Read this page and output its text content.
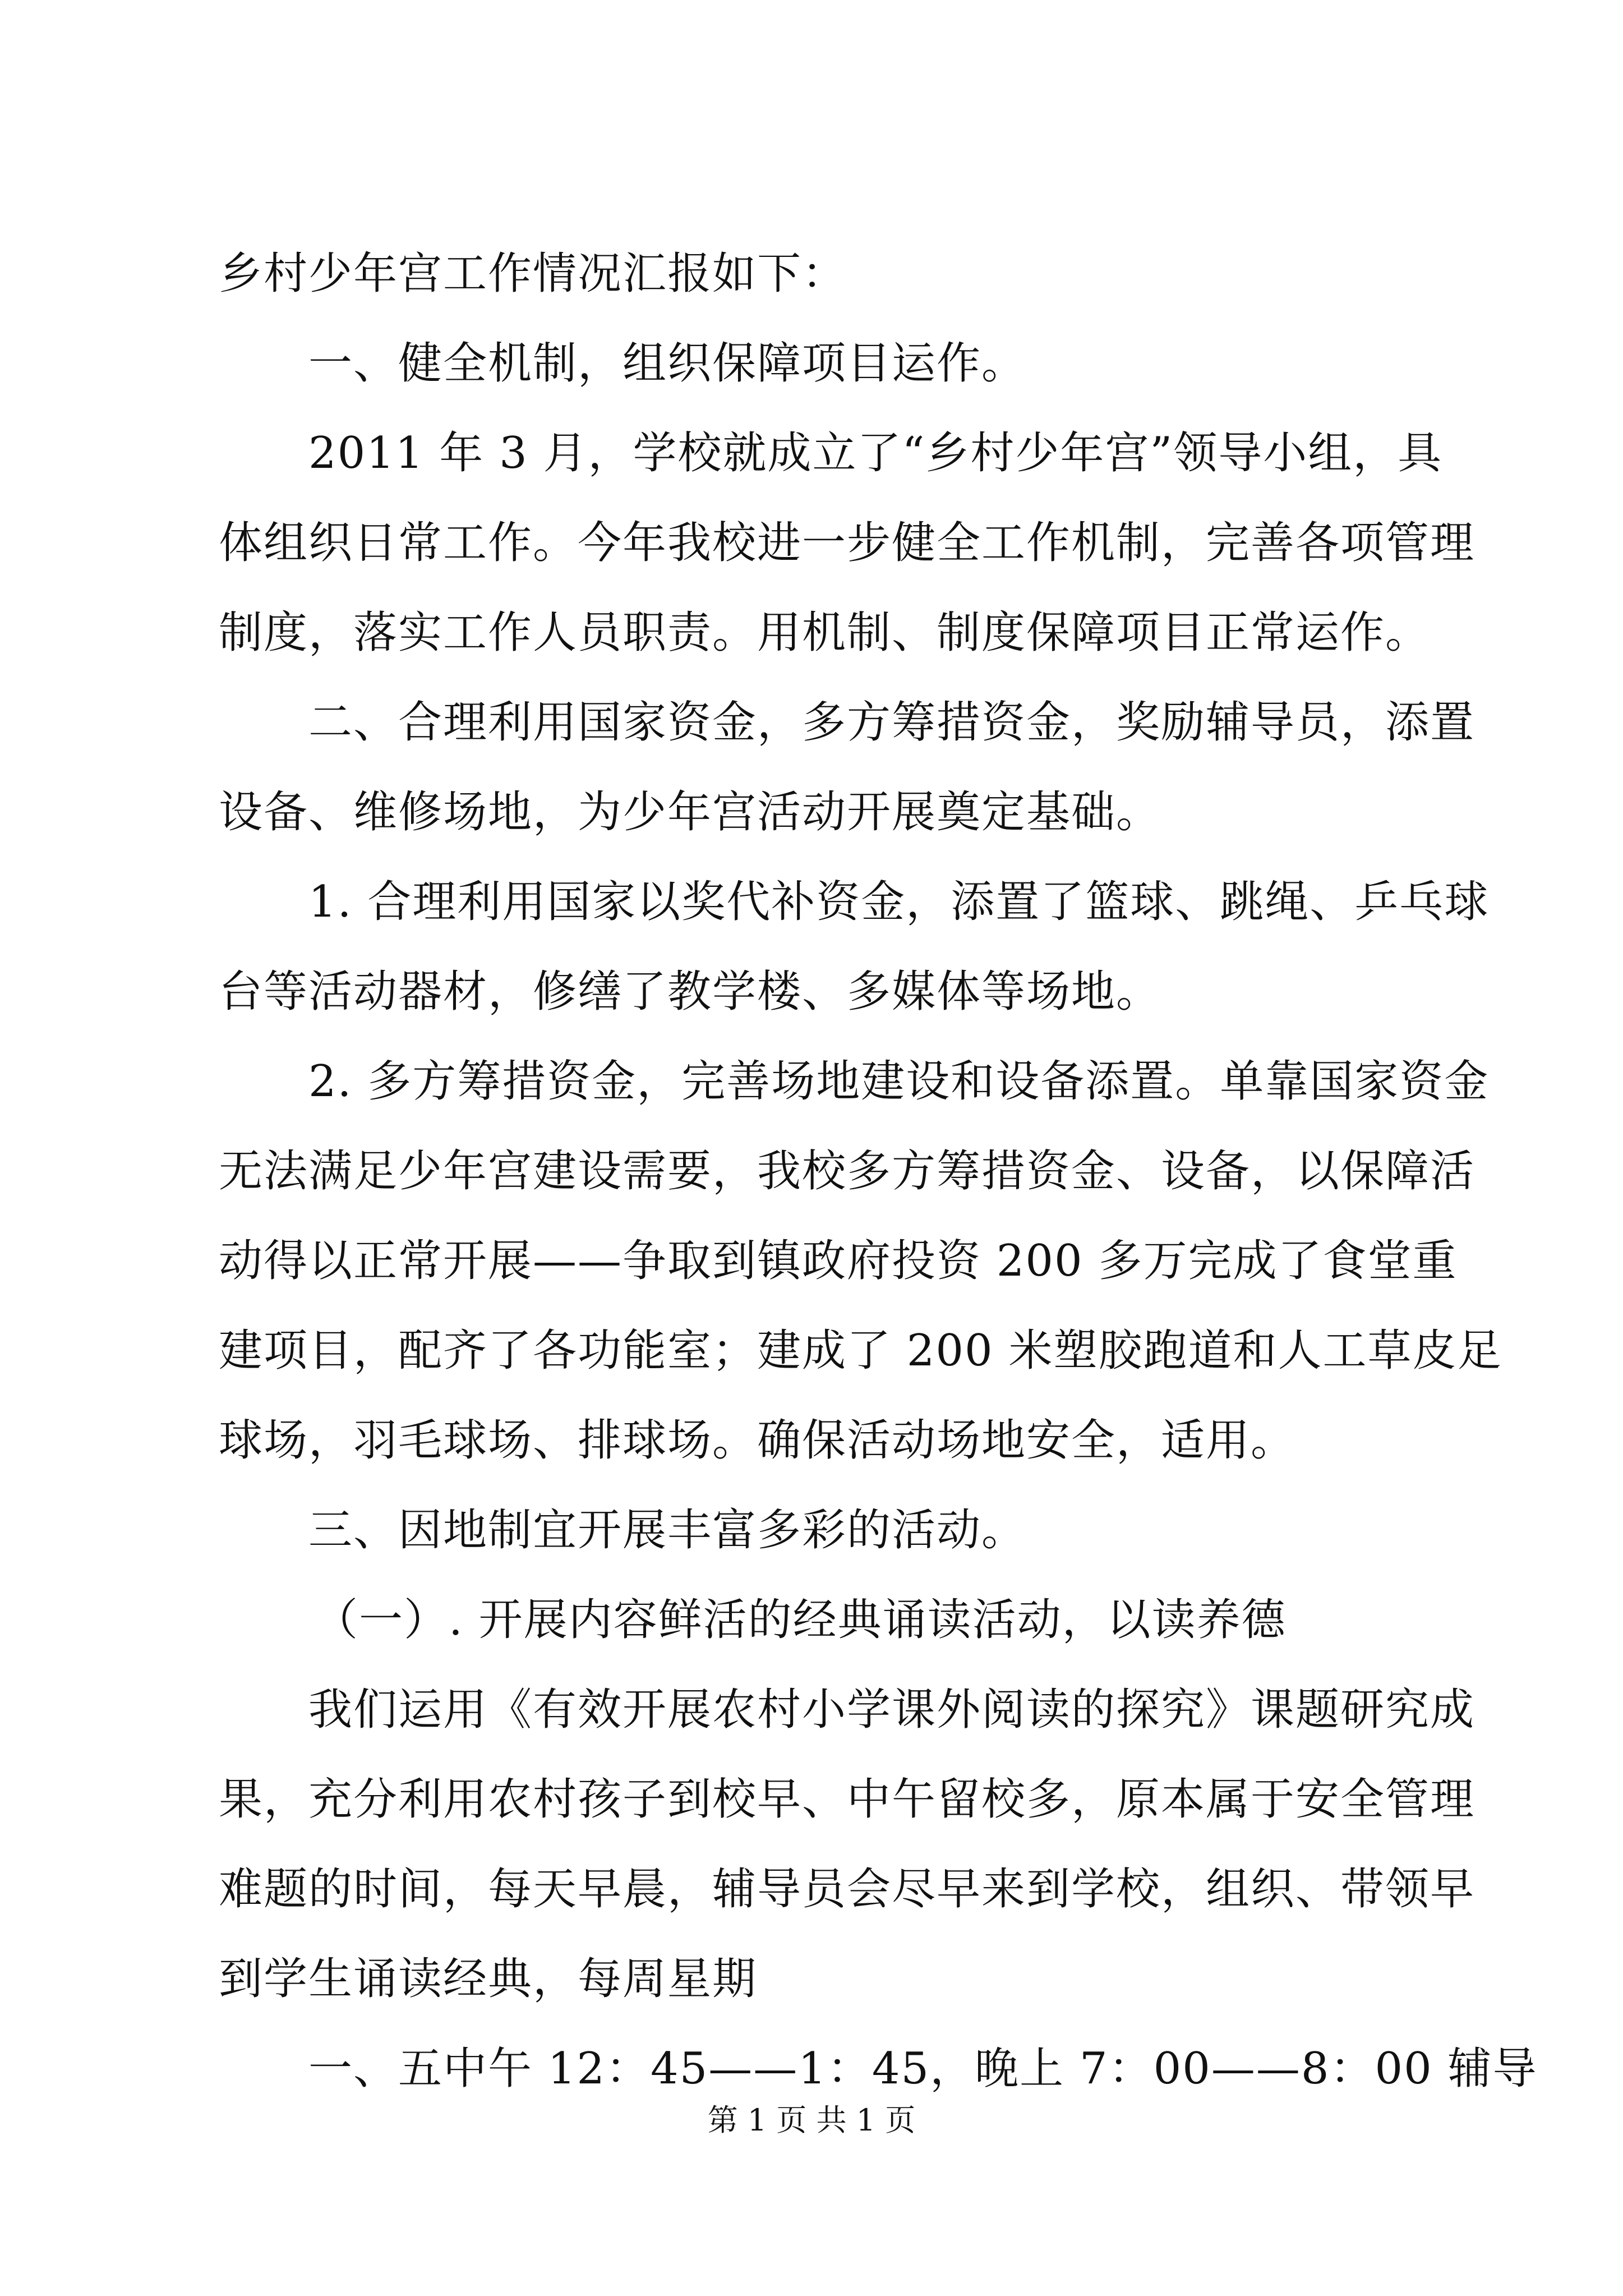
乡村少年宫工作情况汇报如下：
一、健全机制，组织保障项目运作。
2011 年 3 月，学校就成立了“乡村少年宫”领导小组，具
体组织日常工作。今年我校进一步健全工作机制，完善各项管理
制度，落实工作人员职责。用机制、制度保障项目正常运作。
二、合理利用国家资金，多方筹措资金，奖励辅导员，添置
设备、维修场地，为少年宫活动开展奠定基础。
1. 合理利用国家以奖代补资金，添置了篮球、跳绳、乒乓球
台等活动器材，修缮了教学楼、多媒体等场地。
2. 多方筹措资金，完善场地建设和设备添置。单靠国家资金
无法满足少年宫建设需要，我校多方筹措资金、设备，以保障活
动得以正常开展——争取到镇政府投资 200 多万完成了食堂重
建项目，配齐了各功能室；建成了 200 米塑胶跑道和人工草皮足
球场，羽毛球场、排球场。确保活动场地安全，适用。
三、因地制宜开展丰富多彩的活动。
（一）. 开展内容鲜活的经典诵读活动，以读养德
我们运用《有效开展农村小学课外阅读的探究》课题研究成
果，充分利用农村孩子到校早、中午留校多，原本属于安全管理
难题的时间，每天早晨，辅导员会尽早来到学校，组织、带领早
到学生诵读经典，每周星期
一、五中午 12：45——1：45，晚上 7：00——8：00 辅导
第 1 页 共 1 页
